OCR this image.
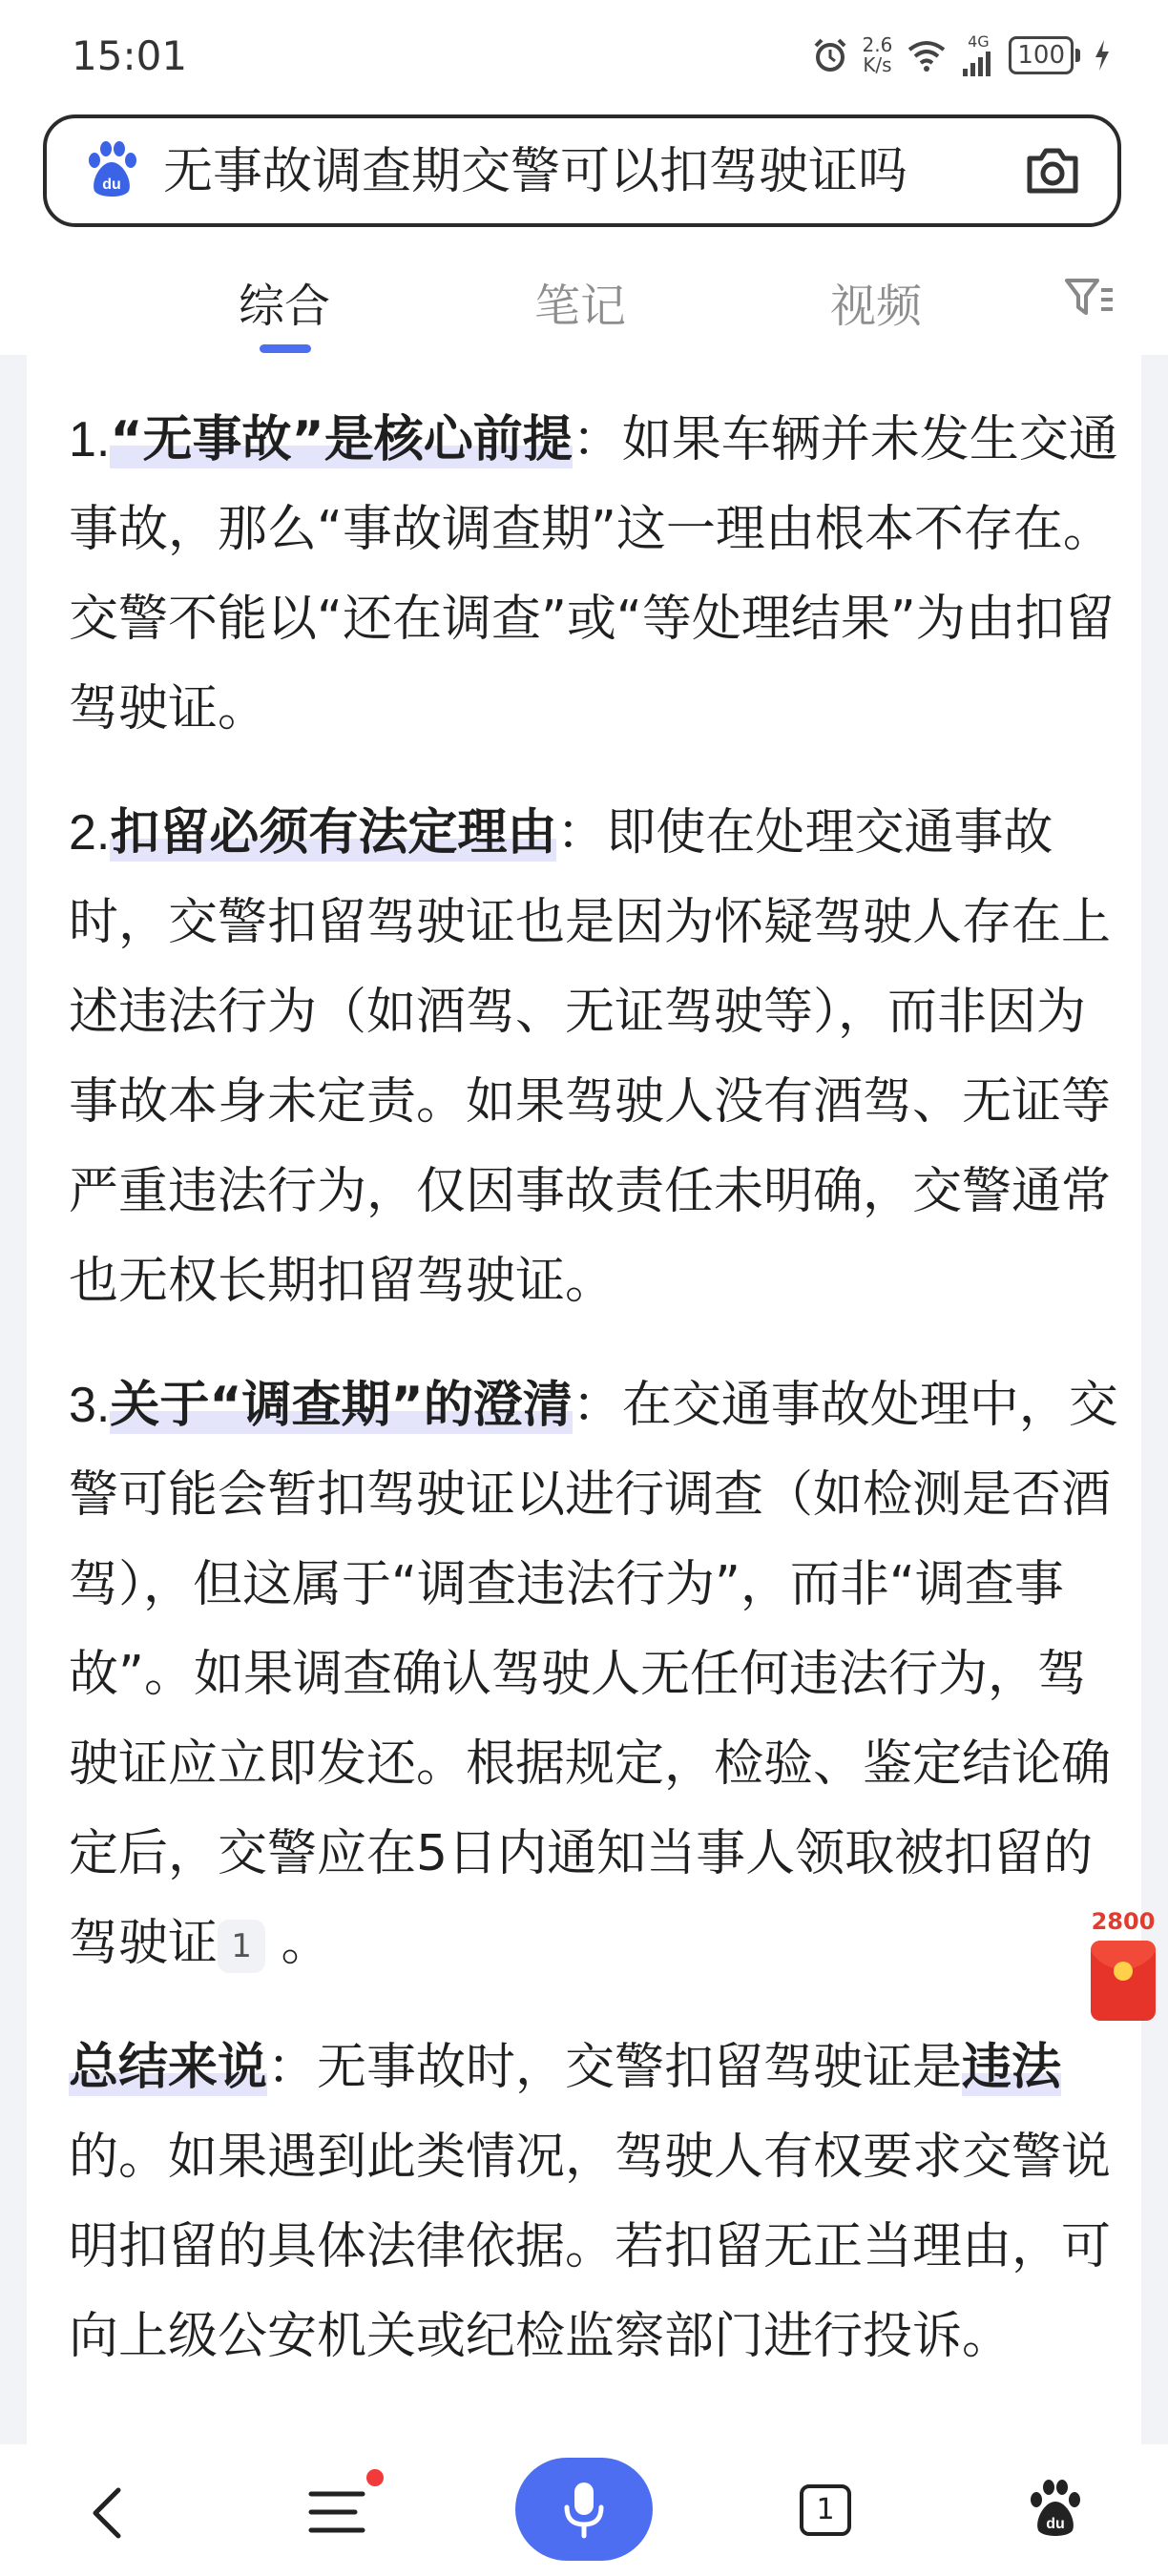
15:01	2.6
K/s
4G	100
du 无事故调查期交警可以扣驾驶证吗
综合	笔记	视频

1.“无事故”是核心前提：如果车辆并未发生交通事故，那么“事故调查期”这一理由根本不存在。交警不能以“还在调查”或“等处理结果”为由扣留驾驶证。

2.扣留必须有法定理由：即使在处理交通事故时，交警扣留驾驶证也是因为怀疑驾驶人存在上述违法行为（如酒驾、无证驾驶等），而非因为事故本身未定责。如果驾驶人没有酒驾、无证等严重违法行为，仅因事故责任未明确，交警通常也无权长期扣留驾驶证。

3.关于“调查期”的澄清：在交通事故处理中，交警可能会暂扣驾驶证以进行调查（如检测是否酒驾），但这属于“调查违法行为”，而非“调查事故”。如果调查确认驾驶人无任何违法行为，驾驶证应立即发还。根据规定，检验、鉴定结论确定后，交警应在5日内通知当事人领取被扣留的驾驶证 1 。

总结来说：无事故时，交警扣留驾驶证是违法的。如果遇到此类情况，驾驶人有权要求交警说明扣留的具体法律依据。若扣留无正当理由，可向上级公安机关或纪检监察部门进行投诉。

2800
1	du
